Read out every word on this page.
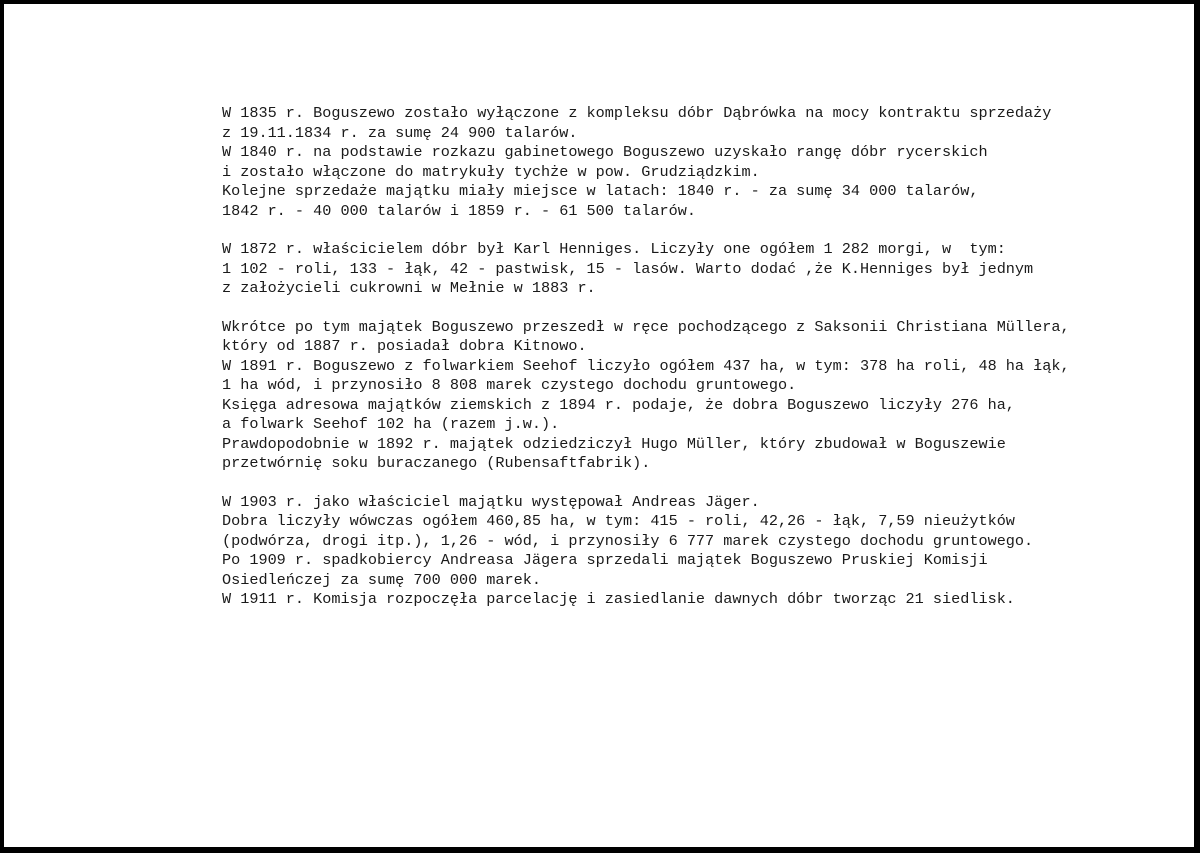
W 1835 r. Boguszewo zostało wyłączone z kompleksu dóbr Dąbrówka na mocy kontraktu sprzedaży
z 19.11.1834 r. za sumę 24 900 talarów.
W 1840 r. na podstawie rozkazu gabinetowego Boguszewo uzyskało rangę dóbr rycerskich
i zostało włączone do matrykuły tychże w pow. Grudziądzkim.
Kolejne sprzedaże majątku miały miejsce w latach: 1840 r. - za sumę 34 000 talarów,
1842 r. - 40 000 talarów i 1859 r. - 61 500 talarów.
W 1872 r. właścicielem dóbr był Karl Henniges. Liczyły one ogółem 1 282 morgi, w  tym:
1 102 - roli, 133 - łąk, 42 - pastwisk, 15 - lasów. Warto dodać ,że K.Henniges był jednym
z założycieli cukrowni w Mełnie w 1883 r.
Wkrótce po tym majątek Boguszewo przeszedł w ręce pochodzącego z Saksonii Christiana Müllera,
który od 1887 r. posiadał dobra Kitnowo.
W 1891 r. Boguszewo z folwarkiem Seehof liczyło ogółem 437 ha, w tym: 378 ha roli, 48 ha łąk,
1 ha wód, i przynosiło 8 808 marek czystego dochodu gruntowego.
Księga adresowa majątków ziemskich z 1894 r. podaje, że dobra Boguszewo liczyły 276 ha,
a folwark Seehof 102 ha (razem j.w.).
Prawdopodobnie w 1892 r. majątek odziedziczył Hugo Müller, który zbudował w Boguszewie
przetwórnię soku buraczanego (Rubensaftfabrik).
W 1903 r. jako właściciel majątku występował Andreas Jäger.
Dobra liczyły wówczas ogółem 460,85 ha, w tym: 415 - roli, 42,26 - łąk, 7,59 nieużytków
(podwórza, drogi itp.), 1,26 - wód, i przynosiły 6 777 marek czystego dochodu gruntowego.
Po 1909 r. spadkobiercy Andreasa Jägera sprzedali majątek Boguszewo Pruskiej Komisji
Osiedleńczej za sumę 700 000 marek.
W 1911 r. Komisja rozpoczęła parcelację i zasiedlanie dawnych dóbr tworząc 21 siedlisk.
